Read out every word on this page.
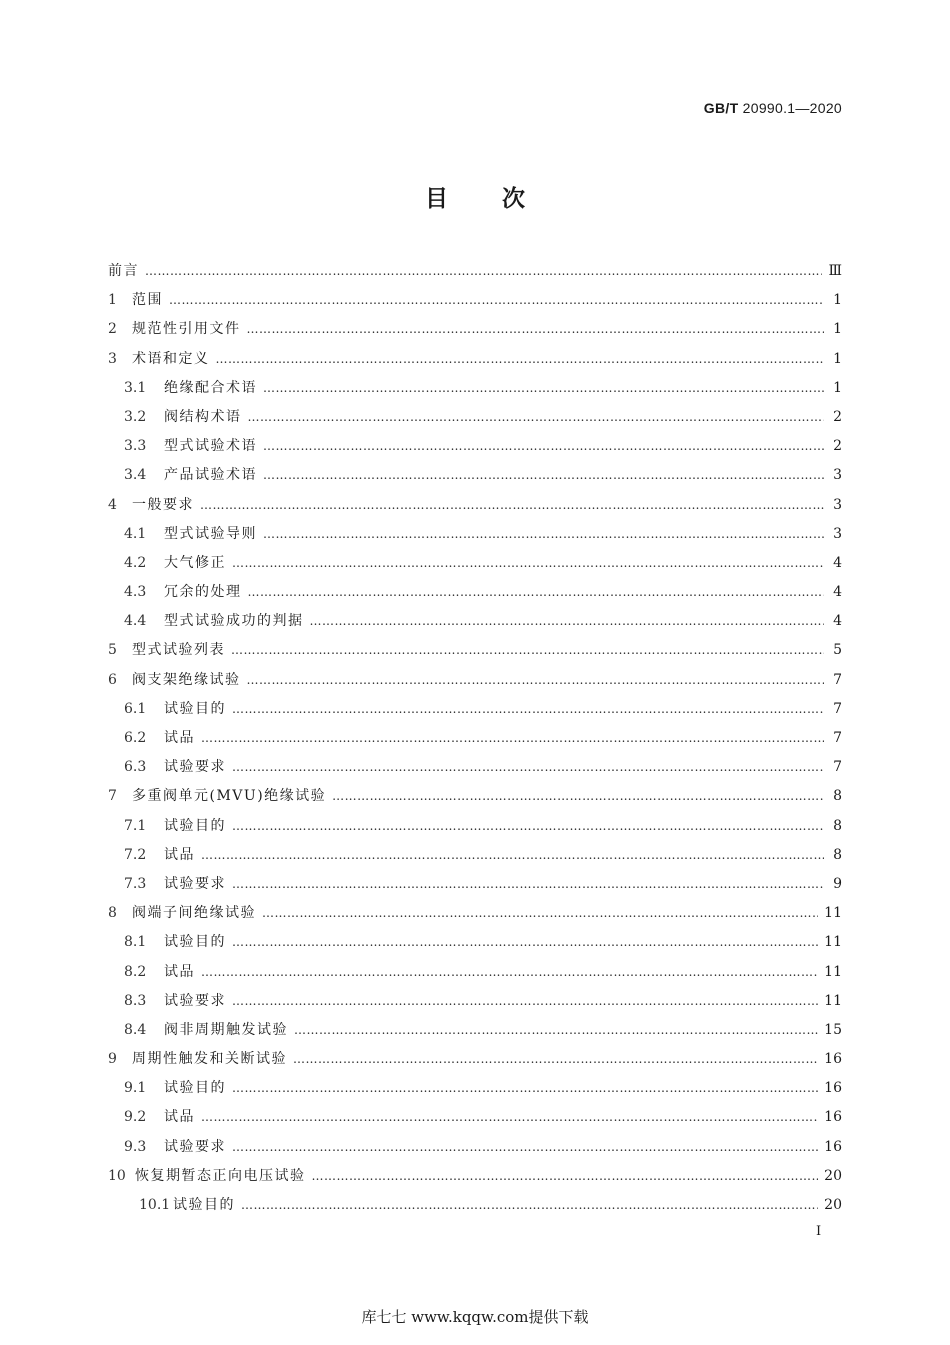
GB/T 20990.1—2020
目 次
前言 ………………………………………………………………………………………………………………………………………………………………………………………………………………	Ⅲ
1	范围 ………………………………………………………………………………………………………………………………………………………………………………………………………………	1
2	规范性引用文件 ………………………………………………………………………………………………………………………………………………………………………………………………………………	1
3	术语和定义 ………………………………………………………………………………………………………………………………………………………………………………………………………………	1
3.1	绝缘配合术语 ………………………………………………………………………………………………………………………………………………………………………………………………………………	1
3.2	阀结构术语 ………………………………………………………………………………………………………………………………………………………………………………………………………………	2
3.3	型式试验术语 ………………………………………………………………………………………………………………………………………………………………………………………………………………	2
3.4	产品试验术语 ………………………………………………………………………………………………………………………………………………………………………………………………………………	3
4	一般要求 ………………………………………………………………………………………………………………………………………………………………………………………………………………	3
4.1	型式试验导则 ………………………………………………………………………………………………………………………………………………………………………………………………………………	3
4.2	大气修正 ………………………………………………………………………………………………………………………………………………………………………………………………………………	4
4.3	冗余的处理 ………………………………………………………………………………………………………………………………………………………………………………………………………………	4
4.4	型式试验成功的判据 ………………………………………………………………………………………………………………………………………………………………………………………………………………	4
5	型式试验列表 ………………………………………………………………………………………………………………………………………………………………………………………………………………	5
6	阀支架绝缘试验 ………………………………………………………………………………………………………………………………………………………………………………………………………………	7
6.1	试验目的 ………………………………………………………………………………………………………………………………………………………………………………………………………………	7
6.2	试品 ………………………………………………………………………………………………………………………………………………………………………………………………………………	7
6.3	试验要求 ………………………………………………………………………………………………………………………………………………………………………………………………………………	7
7	多重阀单元(MVU)绝缘试验 ………………………………………………………………………………………………………………………………………………………………………………………………………………	8
7.1	试验目的 ………………………………………………………………………………………………………………………………………………………………………………………………………………	8
7.2	试品 ………………………………………………………………………………………………………………………………………………………………………………………………………………	8
7.3	试验要求 ………………………………………………………………………………………………………………………………………………………………………………………………………………	9
8	阀端子间绝缘试验 ………………………………………………………………………………………………………………………………………………………………………………………………………………	11
8.1	试验目的 ………………………………………………………………………………………………………………………………………………………………………………………………………………	11
8.2	试品 ………………………………………………………………………………………………………………………………………………………………………………………………………………	11
8.3	试验要求 ………………………………………………………………………………………………………………………………………………………………………………………………………………	11
8.4	阀非周期触发试验 ………………………………………………………………………………………………………………………………………………………………………………………………………………	15
9	周期性触发和关断试验 ………………………………………………………………………………………………………………………………………………………………………………………………………………	16
9.1	试验目的 ………………………………………………………………………………………………………………………………………………………………………………………………………………	16
9.2	试品 ………………………………………………………………………………………………………………………………………………………………………………………………………………	16
9.3	试验要求 ………………………………………………………………………………………………………………………………………………………………………………………………………………	16
10 恢复期暂态正向电压试验 ………………………………………………………………………………………………………………………………………………………………………………………………………………	20
10.1 试验目的 ………………………………………………………………………………………………………………………………………………………………………………………………………………	20
Ⅰ
库七七 www.kqqw.com提供下载
